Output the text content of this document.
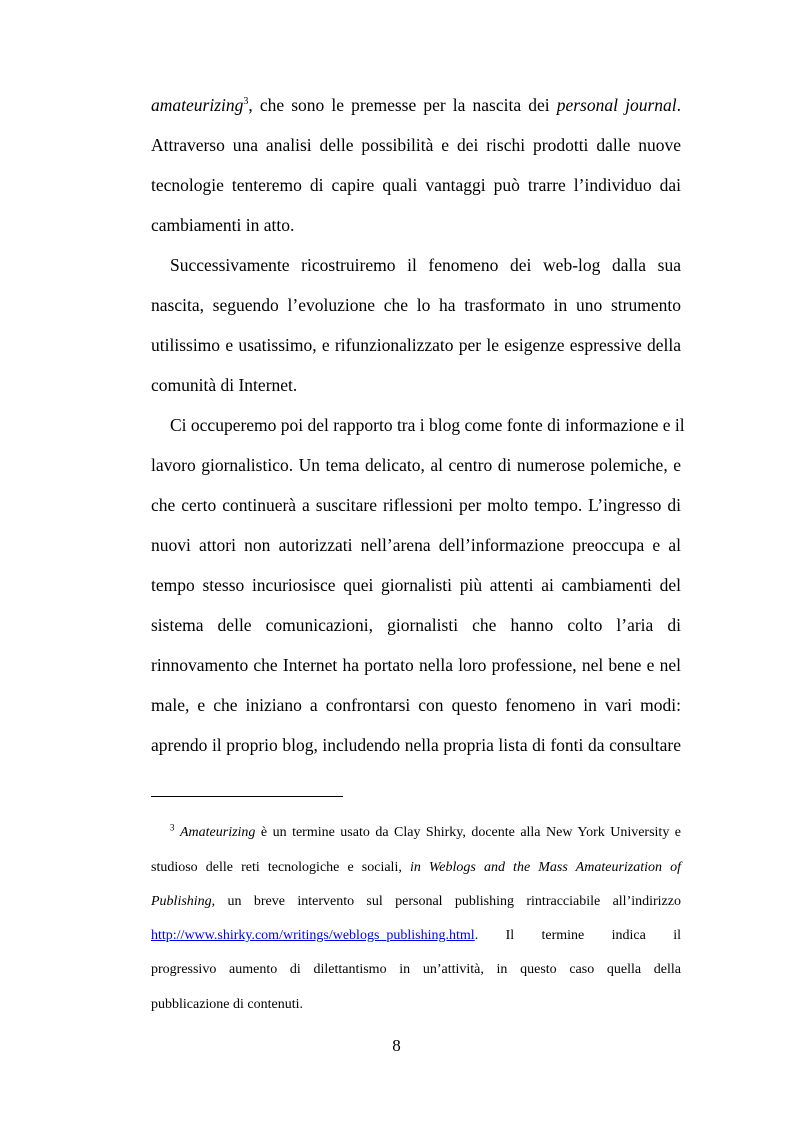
amateurizing$^3$, che sono le premesse per la nascita dei personal journal.
Attraverso una analisi delle possibilità e dei rischi prodotti dalle nuove
tecnologie tenteremo di capire quali vantaggi può trarre l’individuo dai
cambiamenti in atto.
Successivamente ricostruiremo il fenomeno dei web-log dalla sua
nascita, seguendo l’evoluzione che lo ha trasformato in uno strumento
utilissimo e usatissimo, e rifunzionalizzato per le esigenze espressive della
comunità di Internet.
Ci occuperemo poi del rapporto tra i blog come fonte di informazione e il
lavoro giornalistico. Un tema delicato, al centro di numerose polemiche, e
che certo continuerà a suscitare riflessioni per molto tempo. L’ingresso di
nuovi attori non autorizzati nell’arena dell’informazione preoccupa e al
tempo stesso incuriosisce quei giornalisti più attenti ai cambiamenti del
sistema delle comunicazioni, giornalisti che hanno colto l’aria di
rinnovamento che Internet ha portato nella loro professione, nel bene e nel
male, e che iniziano a confrontarsi con questo fenomeno in vari modi:
aprendo il proprio blog, includendo nella propria lista di fonti da consultare
$^3$ Amateurizing è un termine usato da Clay Shirky, docente alla New York University e
studioso delle reti tecnologiche e sociali, in Weblogs and the Mass Amateurization of
Publishing, un breve intervento sul personal publishing rintracciabile all’indirizzo
http://www.shirky.com/writings/weblogs_publishing.html.      Il      termine      indica      il
progressivo aumento di dilettantismo in un’attività, in questo caso quella della
pubblicazione di contenuti.
8
